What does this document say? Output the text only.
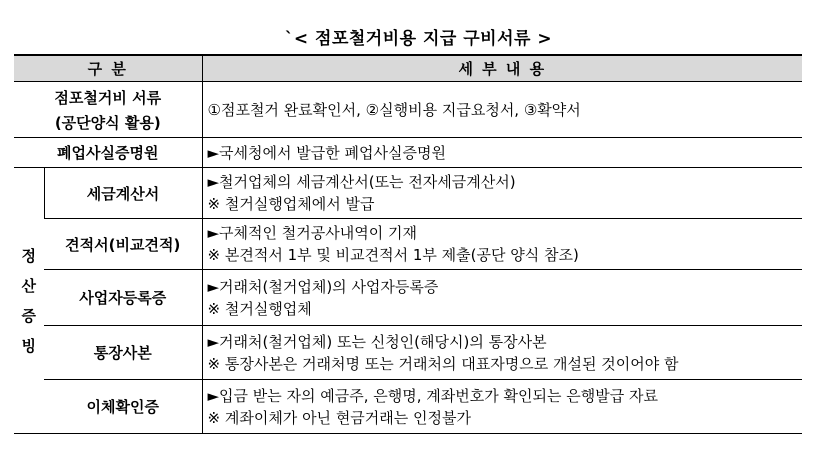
`< 점포철거비용 지급 구비서류 >
구 분		세 부 내 용

점포철거비 서류
(공단양식 활용)		①점포철거 완료확인서, ②실행비용 지급요청서, ③확약서
폐업사실증명원		►국세청에서 발급한 폐업사실증명원

정
산
증
빙	세금계산서	►철거업체의 세금계산서(또는 전자세금계산서)
※ 철거실행업체에서 발급

	견적서(비교견적)	►구체적인 철거공사내역이 기재
※ 본견적서 1부 및 비교견적서 1부 제출(공단 양식 참조)

	사업자등록증	►거래처(철거업체)의 사업자등록증
※ 철거실행업체

	통장사본	►거래처(철거업체) 또는 신청인(해당시)의 통장사본
※ 통장사본은 거래처명 또는 거래처의 대표자명으로 개설된 것이어야 함

	이체확인증	►입금 받는 자의 예금주, 은행명, 계좌번호가 확인되는 은행발급 자료
※ 계좌이체가 아닌 현금거래는 인정불가
